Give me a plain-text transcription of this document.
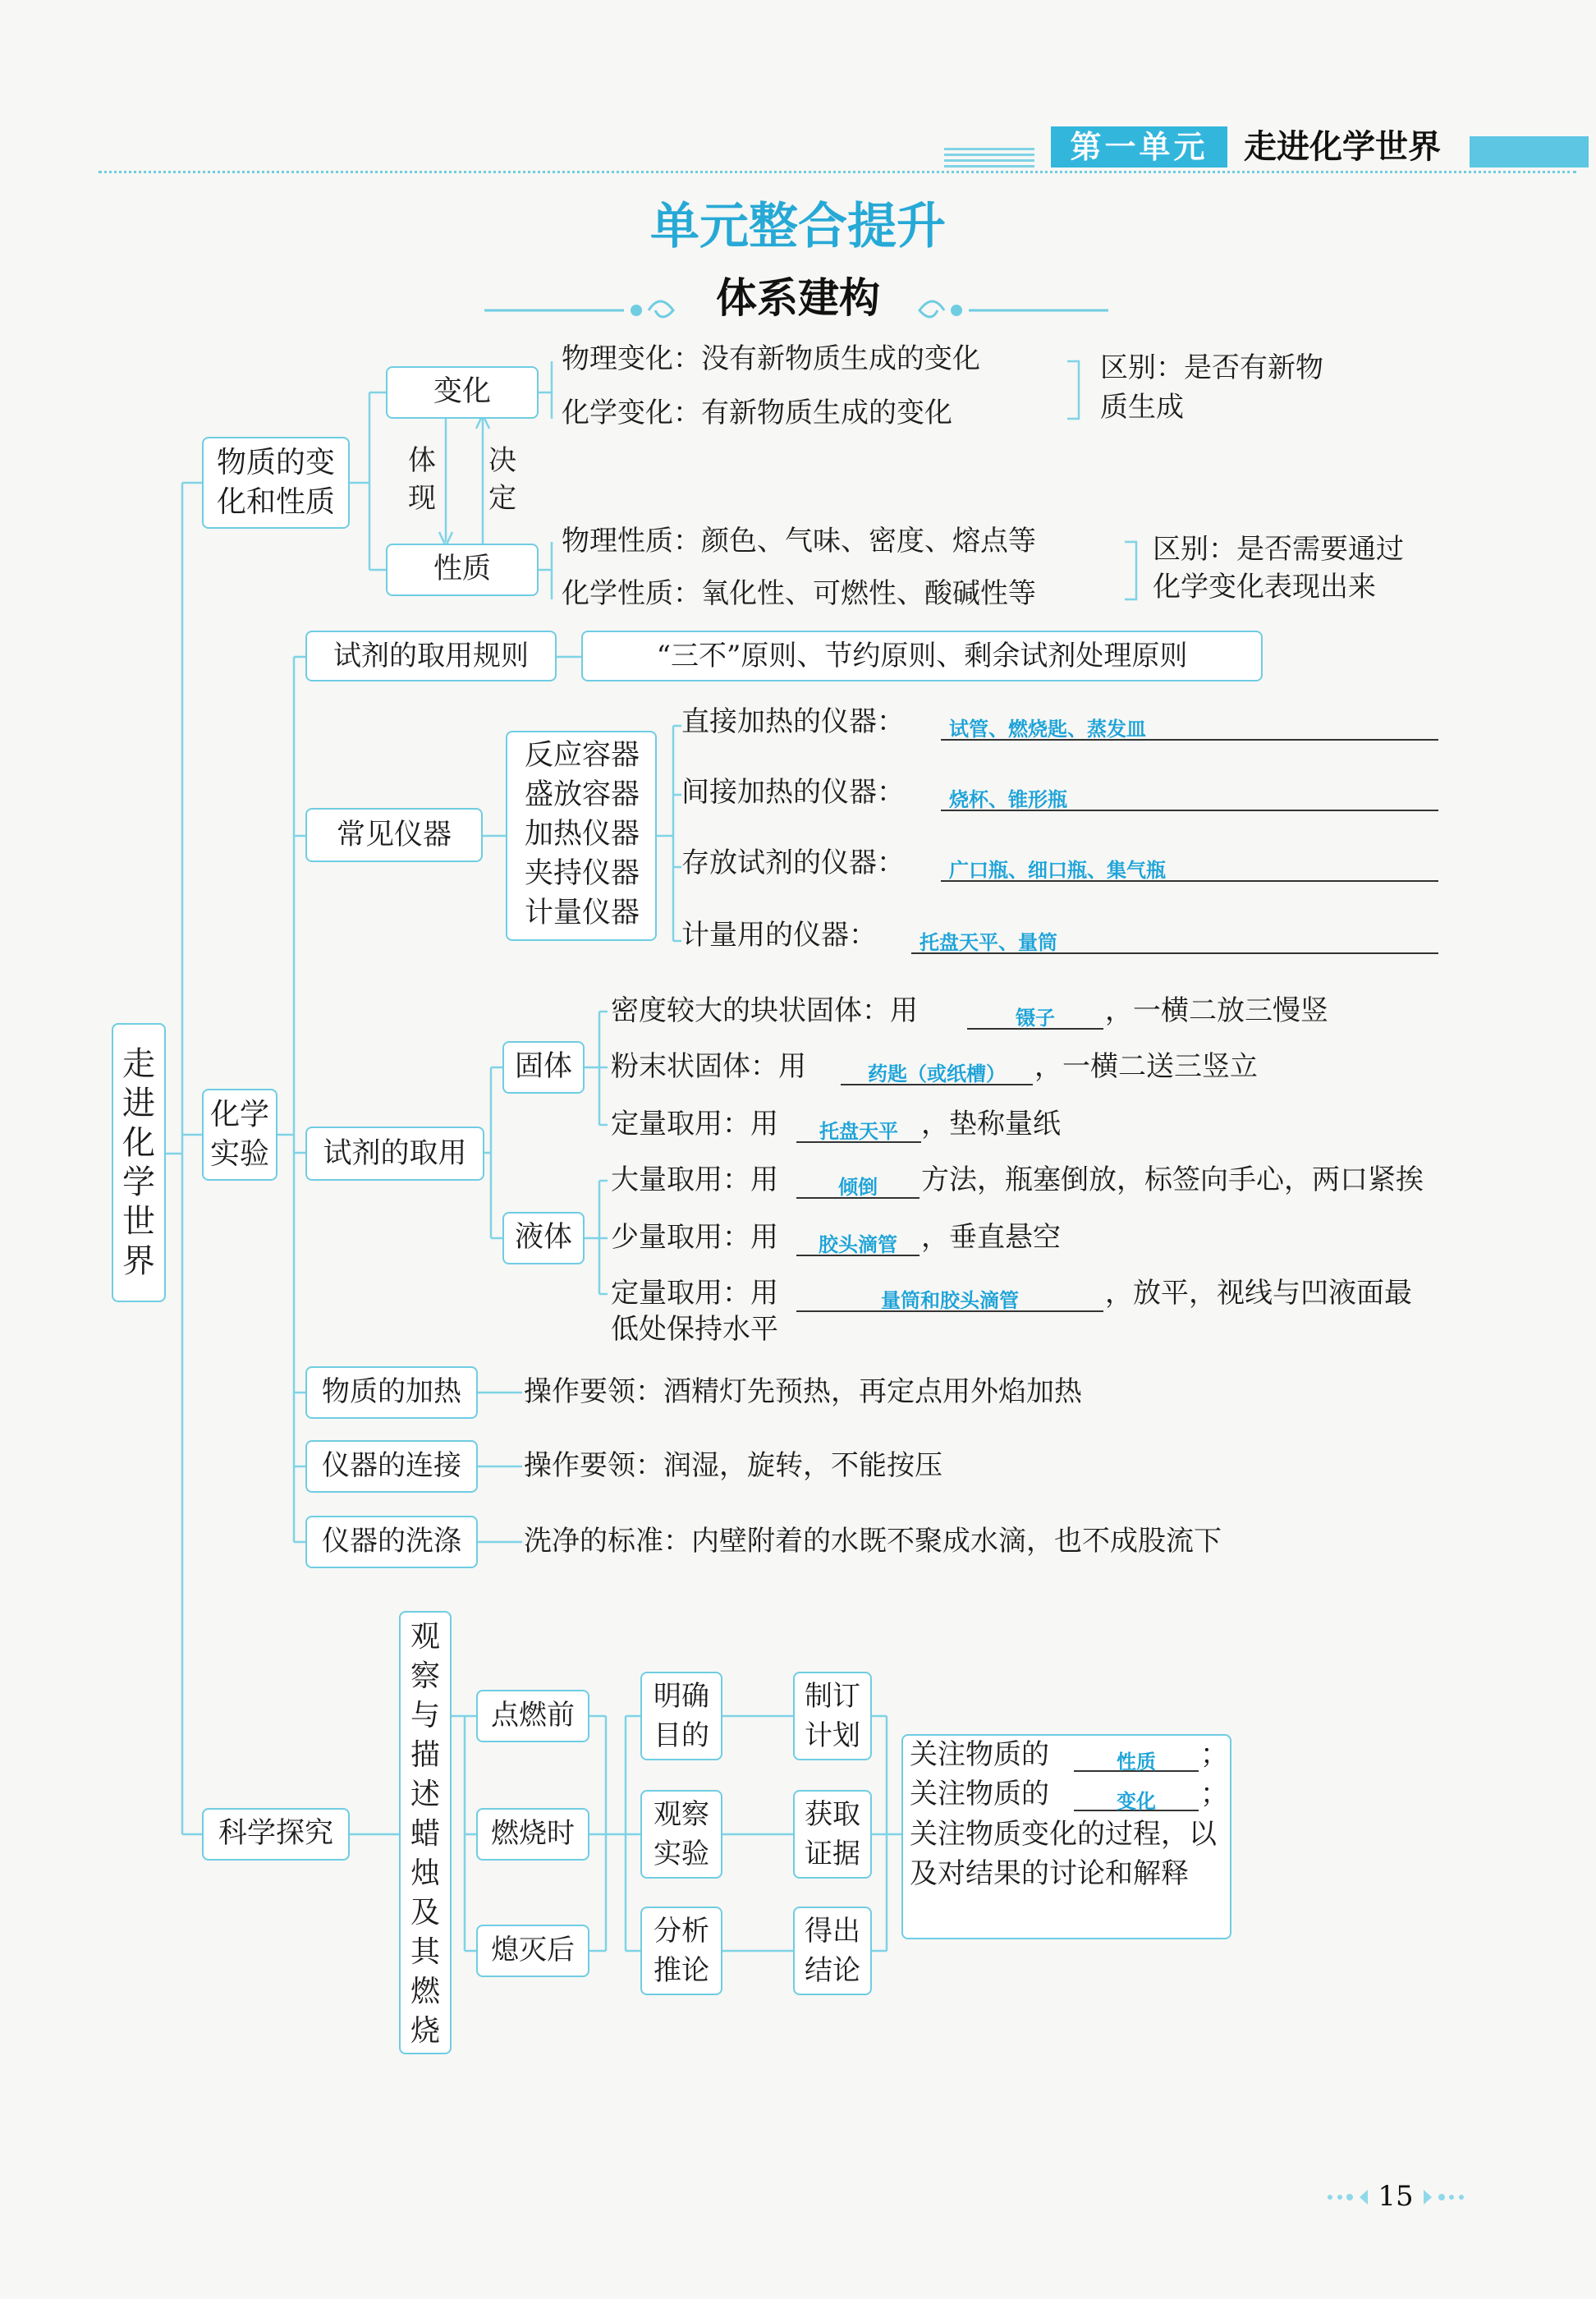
第一单元	走进化学世界
单元整合提升
体系建构
走进化学世界
物质的变化和性质
变化
性质
体现
决定
物理变化：没有新物质生成的变化
化学变化：有新物质生成的变化
区别：是否有新物质生成
物理性质：颜色、气味、密度、熔点等
化学性质：氧化性、可燃性、酸碱性等
区别：是否需要通过
化学变化表现出来
化学实验
试剂的取用规则	“三不”原则、节约原则、剩余试剂处理原则
常见仪器
反应容器盛放容器加热仪器夹持仪器计量仪器
直接加热的仪器： 试管、燃烧匙、蒸发皿
间接加热的仪器： 烧杯、锥形瓶
存放试剂的仪器： 广口瓶、细口瓶、集气瓶
计量用的仪器： 托盘天平、量筒
试剂的取用
固体
液体
密度较大的块状固体：用	镊子	，一横二放三慢竖
粉末状固体：用	药匙（或纸槽）	，一横二送三竖立
定量取用：用	托盘天平 ，垫称量纸
大量取用：用	倾倒	方法，瓶塞倒放，标签向手心，两口紧挨
少量取用：用	胶头滴管 ，垂直悬空
定量取用：用	量筒和胶头滴管	，放平，视线与凹液面最
低处保持水平
物质的加热	操作要领：酒精灯先预热，再定点用外焰加热
仪器的连接	操作要领：润湿，旋转，不能按压
仪器的洗涤	洗净的标准：内壁附着的水既不聚成水滴，也不成股流下
科学探究
观察与描述蜡烛及其燃烧
点燃前
燃烧时
熄灭后
明确目的
观察实验
分析推论
制订计划
获取证据
得出结论
关注物质的	性质	；
关注物质的	变化	；
关注物质变化的过程，以及对结果的讨论和解释
15
